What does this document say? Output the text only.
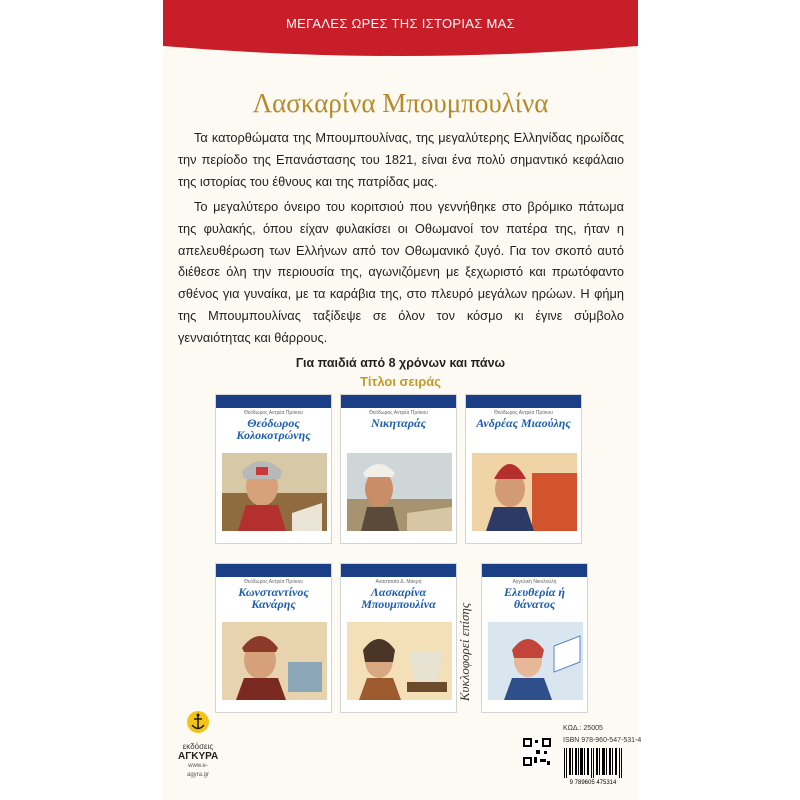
ΜΕΓΑΛΕΣ ΩΡΕΣ ΤΗΣ ΙΣΤΟΡΙΑΣ ΜΑΣ
Λασκαρίνα Μπουμπουλίνα
Τα κατορθώματα της Μπουμπουλίνας, της μεγαλύτερης Ελληνίδας ηρωίδας την περίοδο της Επανάστασης του 1821, είναι ένα πολύ σημαντικό κεφάλαιο της ιστορίας του έθνους και της πατρίδας μας.
Το μεγαλύτερο όνειρο του κοριτσιού που γεννήθηκε στο βρόμικο πάτωμα της φυλακής, όπου είχαν φυλακίσει οι Οθωμανοί τον πατέρα της, ήταν η απελευθέρωση των Ελλήνων από τον Οθωμανικό ζυγό. Για τον σκοπό αυτό διέθεσε όλη την περιουσία της, αγωνιζόμενη με ξεχωριστό και πρωτόφαντο σθένος για γυναίκα, με τα καράβια της, στο πλευρό μεγάλων ηρώων. Η φήμη της Μπουμπουλίνας ταξίδεψε σε όλον τον κόσμο κι έγινε σύμβολο γενναιότητας και θάρρους.
Για παιδιά από 8 χρόνων και πάνω
Τίτλοι σειράς
Θεόδωρος Αντρέα Πρόκου
Θεόδωρος Κολοκοτρώνης
Θεόδωρος Αντρέα Πρόκου
Νικηταράς
Θεόδωρος Αντρέα Πρόκου
Ανδρέας Μιαούλης
Θεόδωρος Αντρέα Πρόκου
Κωνσταντίνος Κανάρης
Αναστασία Δ. Μακρή
Λασκαρίνα Μπουμπουλίνα
Αγγελική Νικολούλη
Ελευθερία ή θάνατος
Κυκλοφορεί επίσης
εκδόσεις
ΑΓΚΥΡΑ
www.e-agyra.gr
ΚΩΔ.: 25005
ISBN 978-960-547-531-4
9 789605 475314
